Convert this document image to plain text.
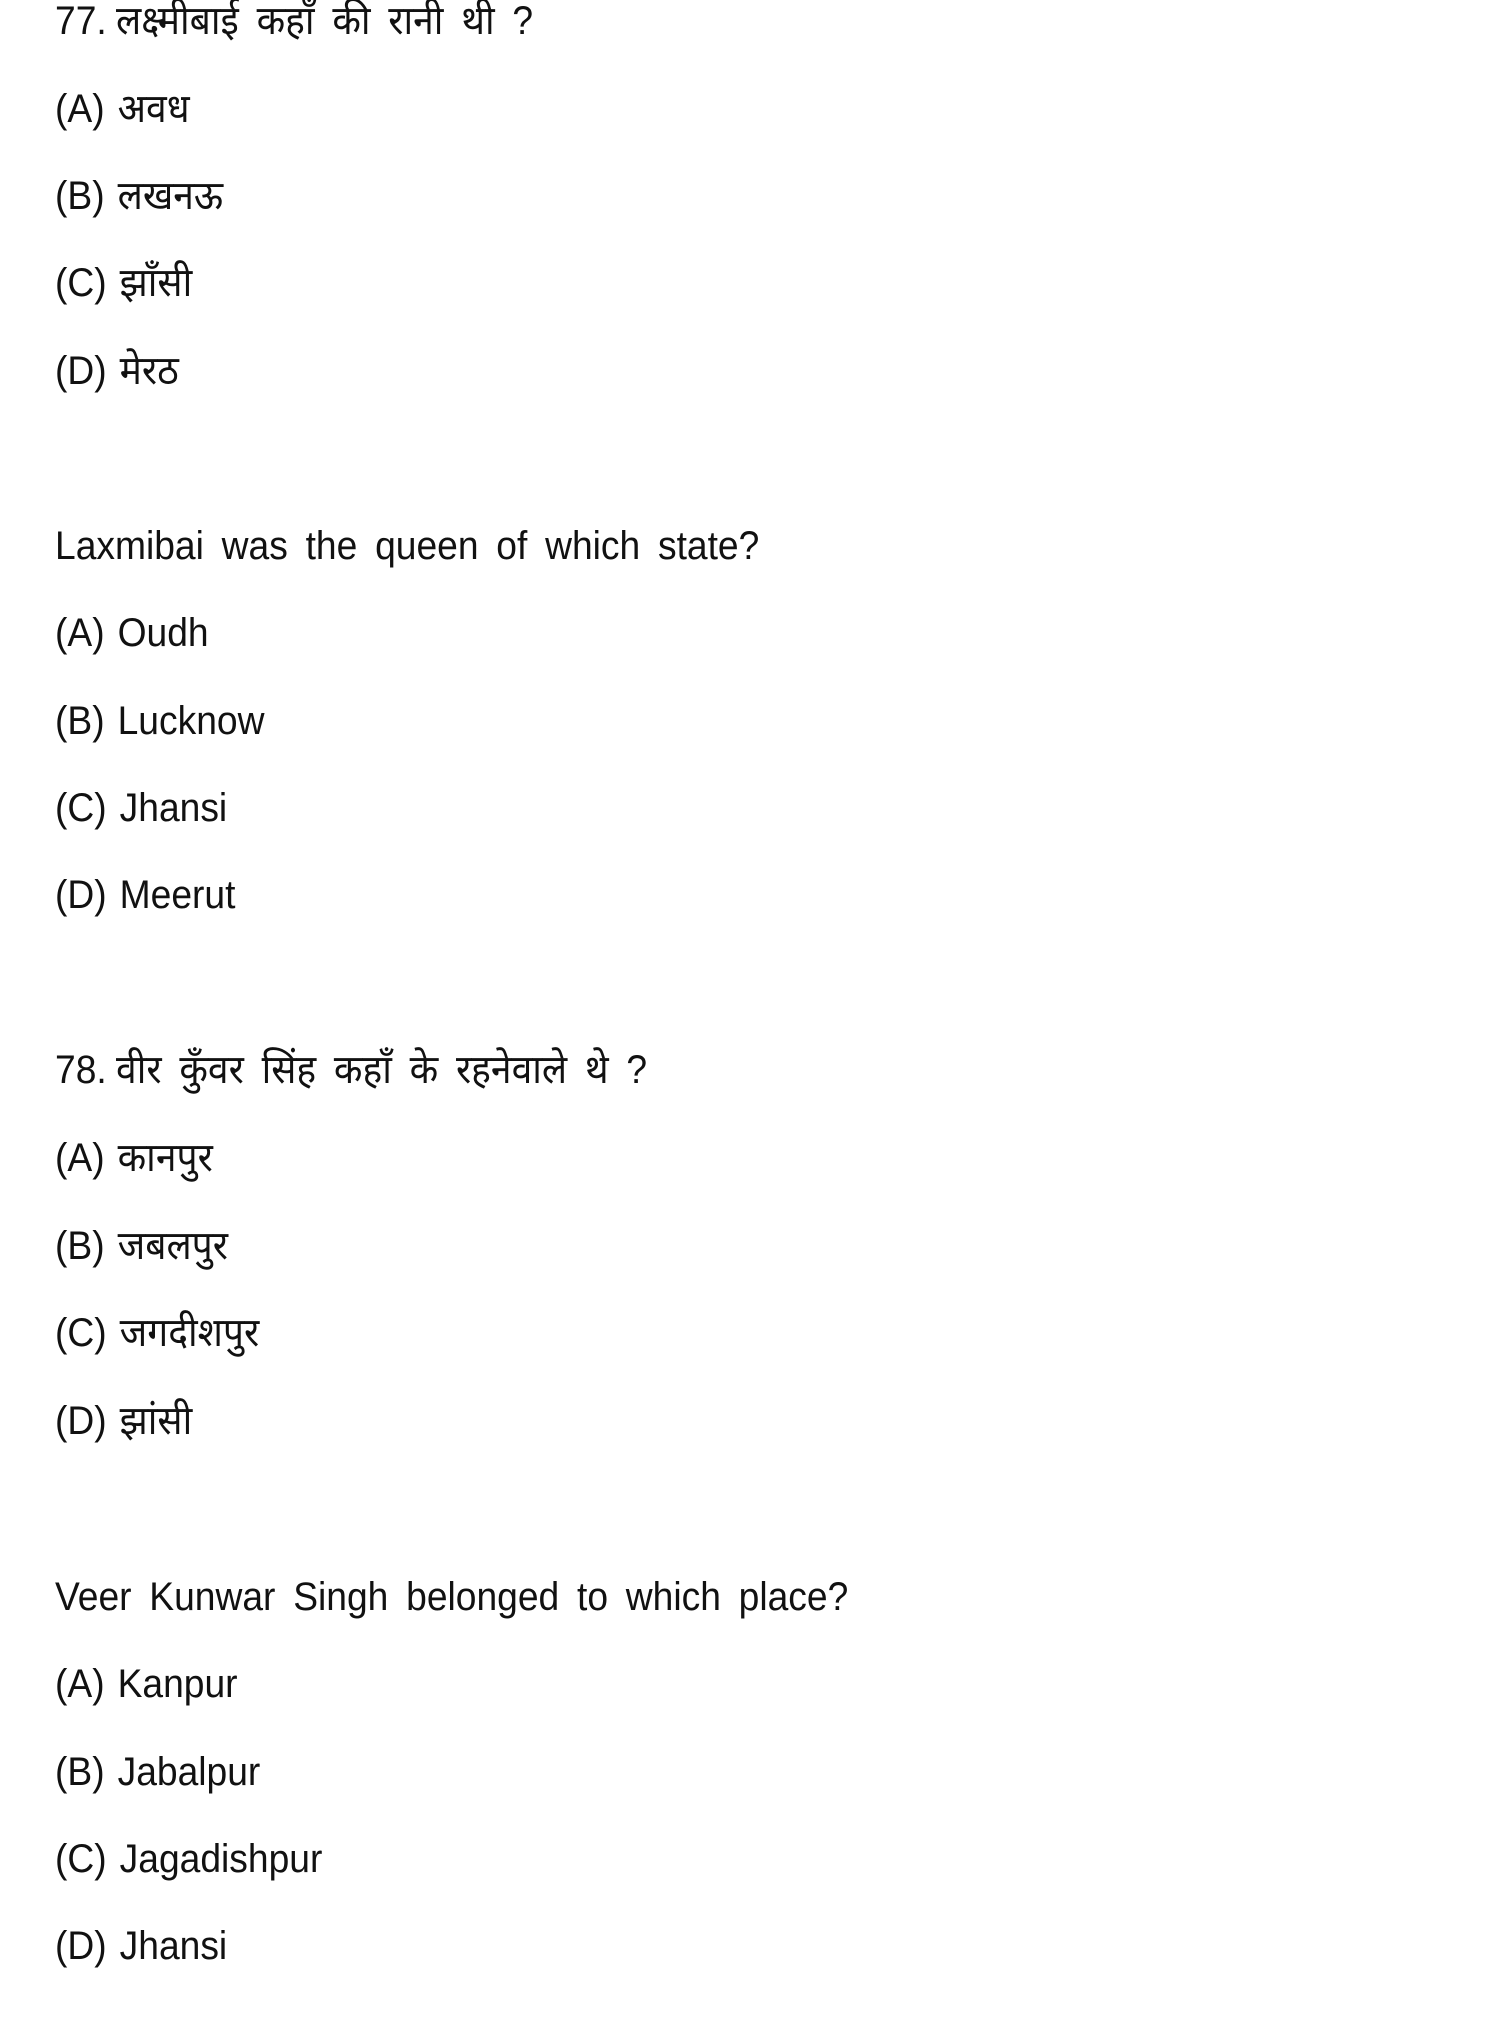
77. लक्ष्मीबाई कहाँ की रानी थी ?
(A) अवध
(B) लखनऊ
(C) झाँसी
(D) मेरठ
Laxmibai was the queen of which state?
(A) Oudh
(B) Lucknow
(C) Jhansi
(D) Meerut
78. वीर कुँवर सिंह कहाँ के रहनेवाले थे ?
(A) कानपुर
(B) जबलपुर
(C) जगदीशपुर
(D) झांसी
Veer Kunwar Singh belonged to which place?
(A) Kanpur
(B) Jabalpur
(C) Jagadishpur
(D) Jhansi
